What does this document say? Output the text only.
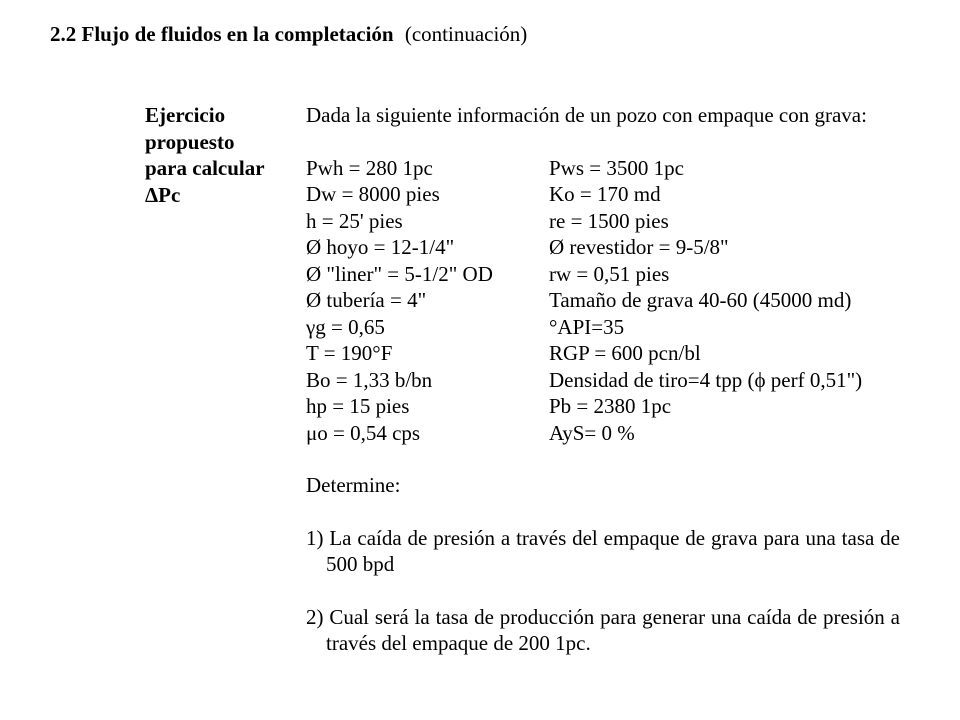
2.2 Flujo de fluidos en la completación (continuación)
Ejercicio
propuesto
para calcular
ΔPc
Dada la siguiente información de un pozo con empaque con grava:
Pwh = 280 1pc	Pws = 3500 1pc
Dw = 8000 pies	Ko = 170 md
h = 25' pies	re = 1500 pies
Ø hoyo = 12-1/4"	Ø revestidor = 9-5/8"
Ø "liner" = 5-1/2" OD	rw = 0,51 pies
Ø tubería = 4"	Tamaño de grava 40-60 (45000 md)
γg = 0,65	°API=35
T = 190°F	RGP = 600 pcn/bl
Bo = 1,33 b/bn	Densidad de tiro=4 tpp (ϕ perf 0,51")
hp = 15 pies	Pb = 2380 1pc
μo = 0,54 cps	AyS= 0 %
Determine:
1) La caída de presión a través del empaque de grava para una tasa de 500 bpd
2) Cual será la tasa de producción para generar una caída de presión a través del empaque de 200 1pc.
